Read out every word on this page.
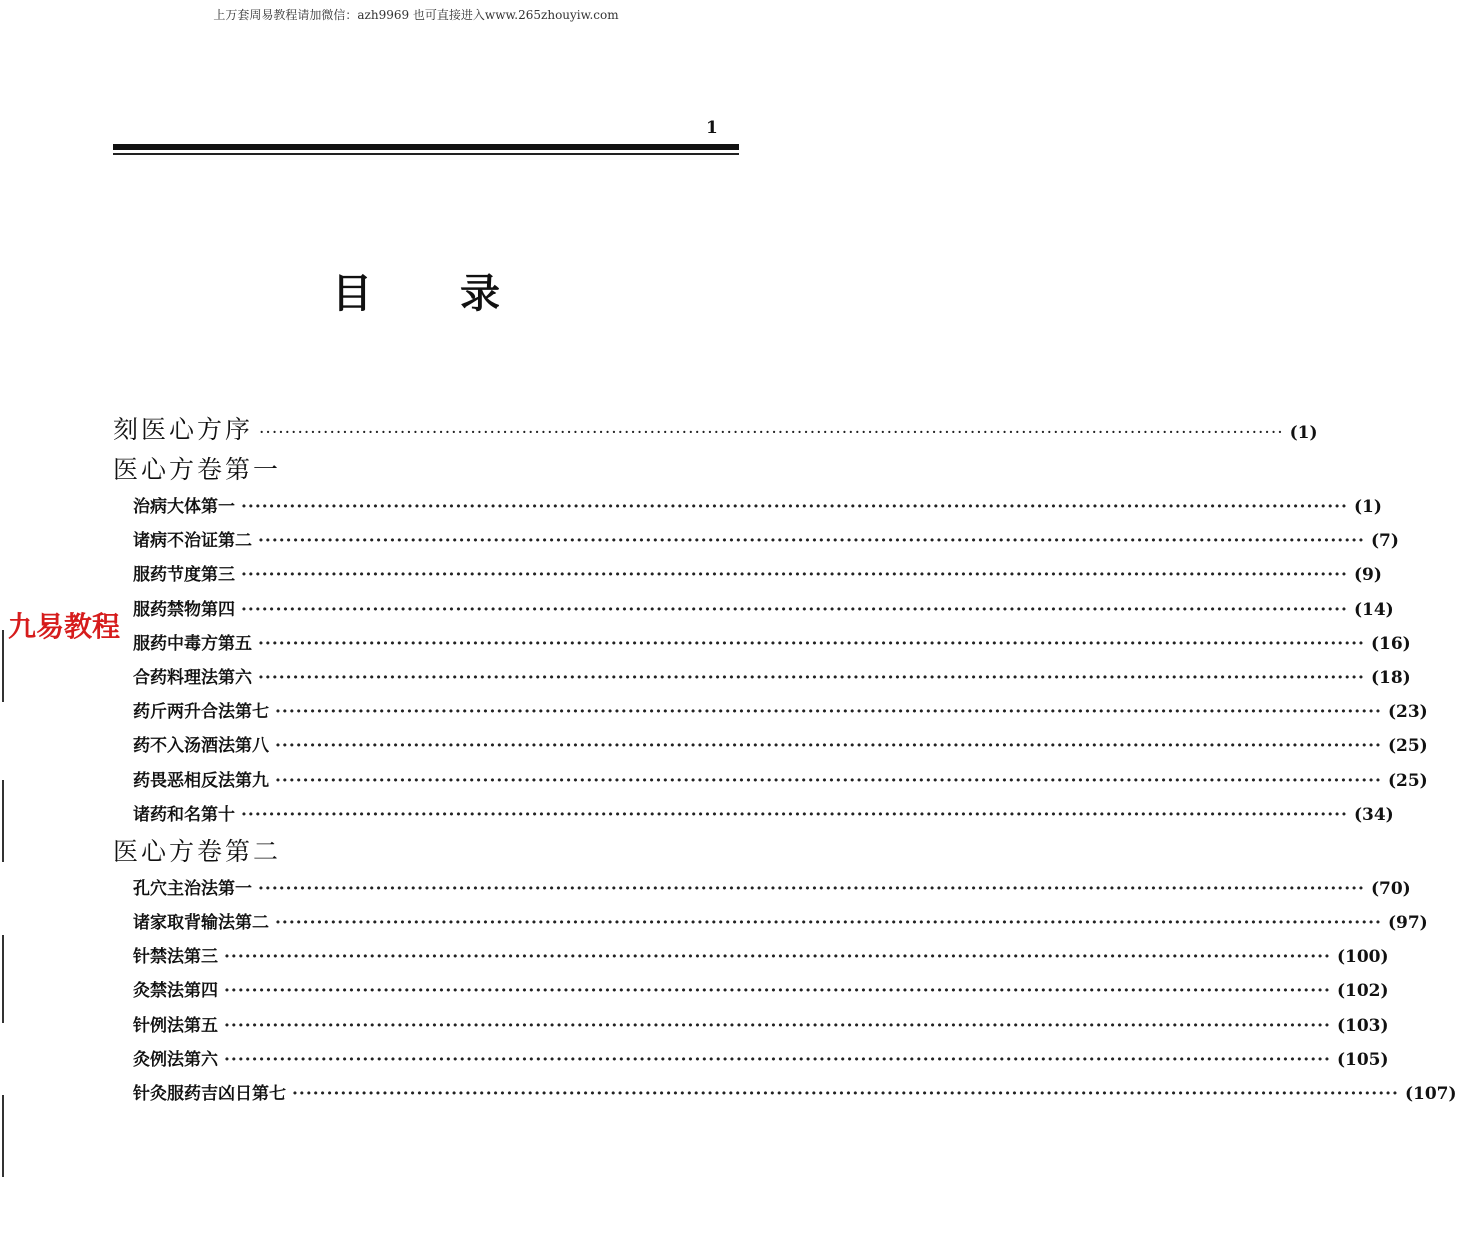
上万套周易教程请加微信：azh9969 也可直接进入www.265zhouyiw.com
1
目录
刻医心方序 ································································································································································ (1)
医心方卷第一
治病大体第一 ································································································································································ (1)
诸病不治证第二 ································································································································································ (7)
服药节度第三 ································································································································································ (9)
服药禁物第四 ································································································································································ (14)
服药中毒方第五 ································································································································································ (16)
合药料理法第六 ································································································································································ (18)
药斤两升合法第七 ································································································································································ (23)
药不入汤酒法第八 ································································································································································ (25)
药畏恶相反法第九 ································································································································································ (25)
诸药和名第十 ································································································································································ (34)
医心方卷第二
孔穴主治法第一 ································································································································································ (70)
诸家取背输法第二 ································································································································································ (97)
针禁法第三 ································································································································································ (100)
灸禁法第四 ································································································································································ (102)
针例法第五 ································································································································································ (103)
灸例法第六 ································································································································································ (105)
针灸服药吉凶日第七 ································································································································································ (107)
九易教程
